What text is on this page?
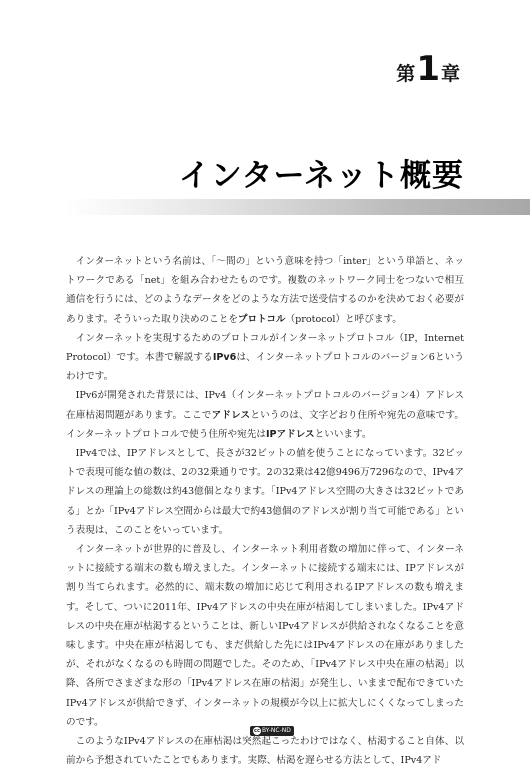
第 1 章
インターネット概要

インターネットという名前は、「〜間の」という意味を持つ「inter」という単語と、ネットワークである「net」を組み合わせたものです。複数のネットワーク同士をつないで相互通信を行うには、どのようなデータをどのような方法で送受信するのかを決めておく必要があります。そういった取り決めのことをプロトコル（protocol）と呼びます。

インターネットを実現するためのプロトコルがインターネットプロトコル（IP，Internet Protocol）です。本書で解説するIPv6は、インターネットプロトコルのバージョン6というわけです。

IPv6が開発された背景には、IPv4（インターネットプロトコルのバージョン4）アドレス在庫枯渇問題があります。ここでアドレスというのは、文字どおり住所や宛先の意味です。インターネットプロトコルで使う住所や宛先はIPアドレスといいます。

IPv4では、IPアドレスとして、長さが32ビットの値を使うことになっています。32ビットで表現可能な値の数は、2の32乗通りです。2の32乗は42億9496万7296なので、IPv4アドレスの理論上の総数は約43億個となります。「IPv4アドレス空間の大きさは32ビットである」とか「IPv4アドレス空間からは最大で約43億個のアドレスが割り当て可能である」という表現は、このことをいっています。

インターネットが世界的に普及し、インターネット利用者数の増加に伴って、インターネットに接続する端末の数も増えました。インターネットに接続する端末には、IPアドレスが割り当てられます。必然的に、端末数の増加に応じて利用されるIPアドレスの数も増えます。そして、ついに2011年、IPv4アドレスの中央在庫が枯渇してしまいました。IPv4アドレスの中央在庫が枯渇するということは、新しいIPv4アドレスが供給されなくなることを意味します。中央在庫が枯渇しても、まだ供給した先にはIPv4アドレスの在庫がありましたが、それがなくなるのも時間の問題でした。そのため、「IPv4アドレス中央在庫の枯渇」以降、各所でさまざまな形の「IPv4アドレス在庫の枯渇」が発生し、いままで配布できていたIPv4アドレスが供給できず、インターネットの規模が今以上に拡大しにくくなってしまったのです。

このようなIPv4アドレスの在庫枯渇は突然起こったわけではなく、枯渇すること自体、以前から予想されていたことでもあります。実際、枯渇を遅らせる方法として、IPv4アド

cc BY-NC-ND
